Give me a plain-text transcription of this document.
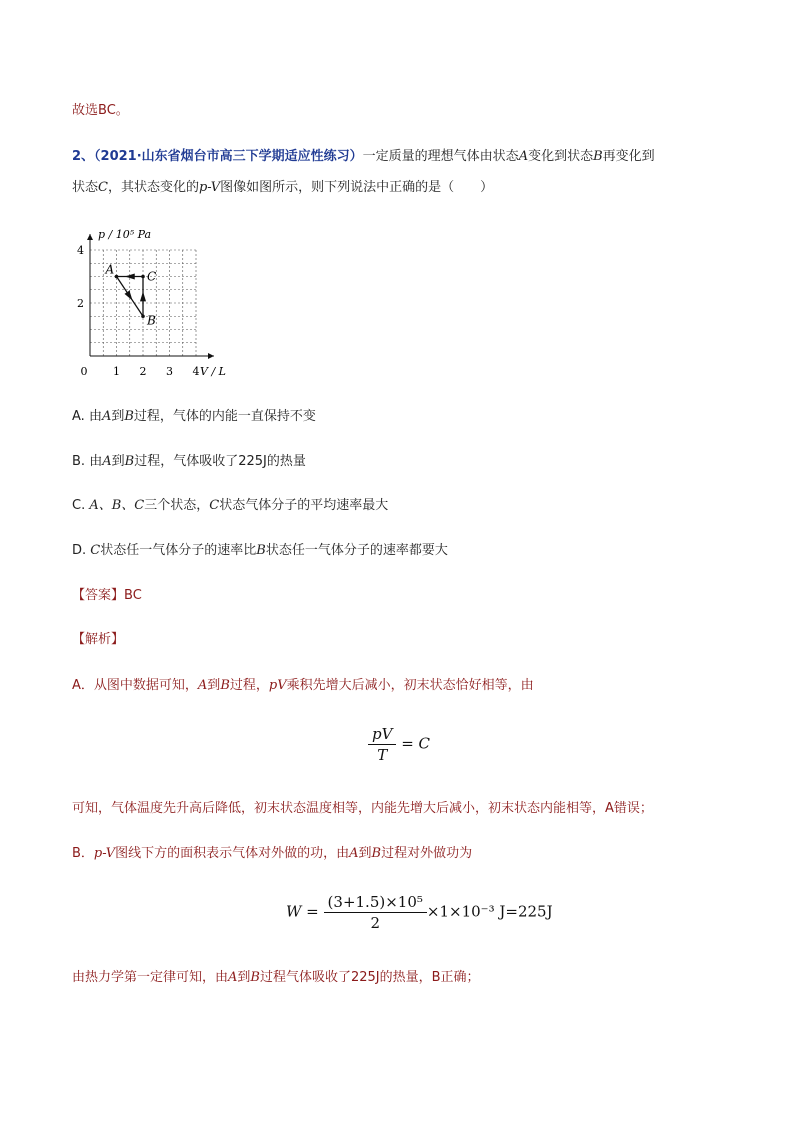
故选BC。
2、（2021·山东省烟台市高三下学期适应性练习）一定质量的理想气体由状态A变化到状态B再变化到
状态C，其状态变化的p-V图像如图所示，则下列说法中正确的是（　　）
p / 10⁵ Pa
V / L
0 1 2 3 4
2
4
A
B
C
A. 由A到B过程，气体的内能一直保持不变
B. 由A到B过程，气体吸收了225J的热量
C. A、B、C三个状态，C状态气体分子的平均速率最大
D. C状态任一气体分子的速率比B状态任一气体分子的速率都要大
【答案】BC
【解析】
A．从图中数据可知，A到B过程，pV乘积先增大后减小，初末状态恰好相等，由
$\frac{pV}{T} = C$
可知，气体温度先升高后降低，初末状态温度相等，内能先增大后减小，初末状态内能相等，A错误；
B．p-V图线下方的面积表示气体对外做的功，由A到B过程对外做功为
$W = \frac{\text{(3+1.5)×10⁵}}{2} \times 1\times 10^{-3}$ J=225J
由热力学第一定律可知，由A到B过程气体吸收了225J的热量，B正确；
